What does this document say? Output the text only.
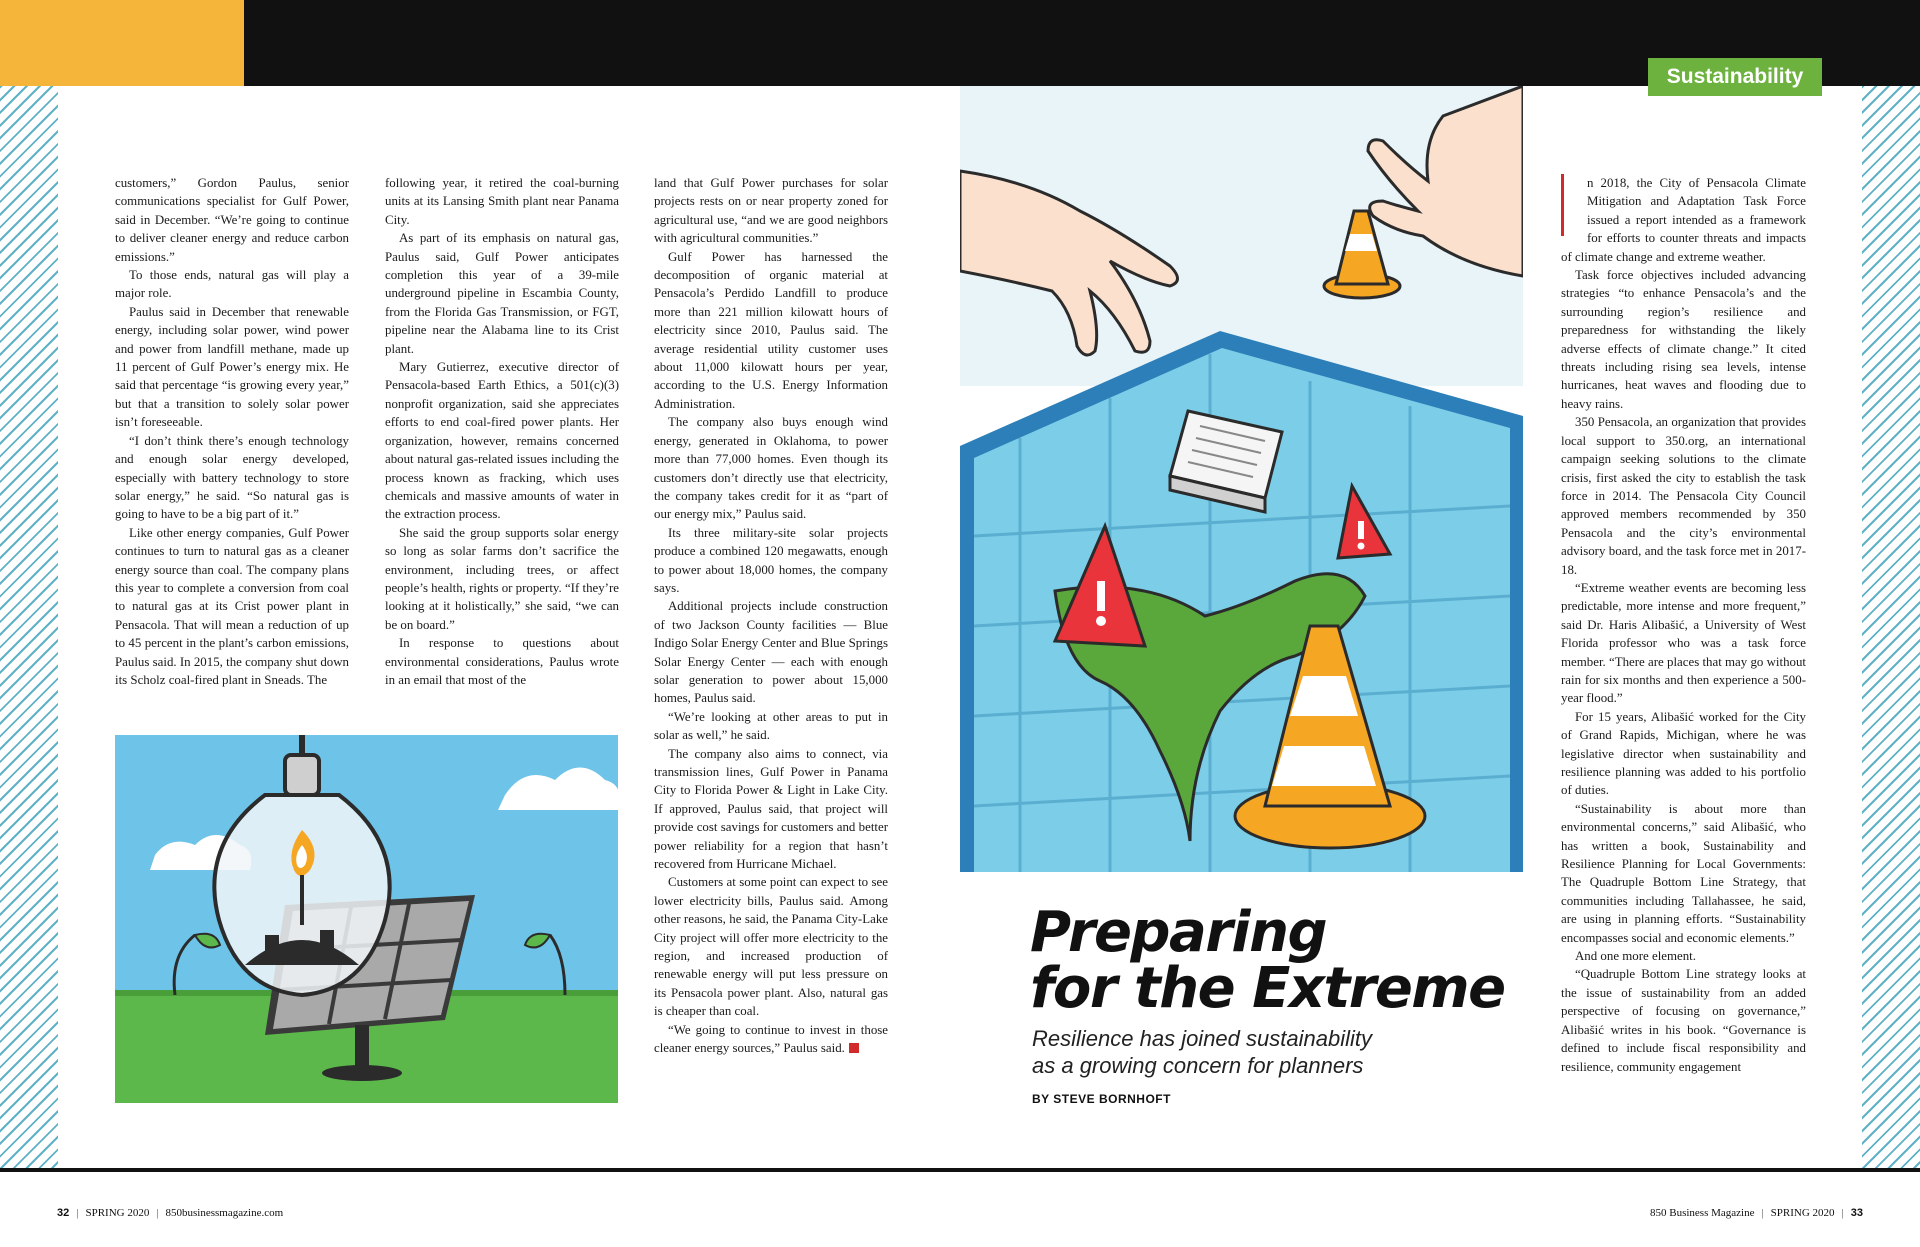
Sustainability

customers,” Gordon Paulus, senior communications specialist for Gulf Power, said in December. “We’re going to continue to deliver cleaner energy and reduce carbon emissions.”

To those ends, natural gas will play a major role.

Paulus said in December that renewable energy, including solar power, wind power and power from landfill methane, made up 11 percent of Gulf Power’s energy mix. He said that percentage “is growing every year,” but that a transition to solely solar power isn’t foreseeable.

“I don’t think there’s enough technology and enough solar energy developed, especially with battery technology to store solar energy,” he said. “So natural gas is going to have to be a big part of it.”

Like other energy companies, Gulf Power continues to turn to natural gas as a cleaner energy source than coal. The company plans this year to complete a conversion from coal to natural gas at its Crist power plant in Pensacola. That will mean a reduction of up to 45 percent in the plant’s carbon emissions, Paulus said. In 2015, the company shut down its Scholz coal-fired plant in Sneads. The

following year, it retired the coal-burning units at its Lansing Smith plant near Panama City.

As part of its emphasis on natural gas, Paulus said, Gulf Power anticipates completion this year of a 39-mile underground pipeline in Escambia County, from the Florida Gas Transmission, or FGT, pipeline near the Alabama line to its Crist plant.

Mary Gutierrez, executive director of Pensacola-based Earth Ethics, a 501(c)(3) nonprofit organization, said she appreciates efforts to end coal-fired power plants. Her organization, however, remains concerned about natural gas-related issues including the process known as fracking, which uses chemicals and massive amounts of water in the extraction process.

She said the group supports solar energy so long as solar farms don’t sacrifice the environment, including trees, or affect people’s health, rights or property. “If they’re looking at it holistically,” she said, “we can be on board.”

In response to questions about environmental considerations, Paulus wrote in an email that most of the

land that Gulf Power purchases for solar projects rests on or near property zoned for agricultural use, “and we are good neighbors with agricultural communities.”

Gulf Power has harnessed the decomposition of organic material at Pensacola’s Perdido Landfill to produce more than 221 million kilowatt hours of electricity since 2010, Paulus said. The average residential utility customer uses about 11,000 kilowatt hours per year, according to the U.S. Energy Information Administration.

The company also buys enough wind energy, generated in Oklahoma, to power more than 77,000 homes. Even though its customers don’t directly use that electricity, the company takes credit for it as “part of our energy mix,” Paulus said.

Its three military-site solar projects produce a combined 120 megawatts, enough to power about 18,000 homes, the company says.

Additional projects include construction of two Jackson County facilities — Blue Indigo Solar Energy Center and Blue Springs Solar Energy Center — each with enough solar generation to power about 15,000 homes, Paulus said.

“We’re looking at other areas to put in solar as well,” he said.

The company also aims to connect, via transmission lines, Gulf Power in Panama City to Florida Power & Light in Lake City. If approved, Paulus said, that project will provide cost savings for customers and better power reliability for a region that hasn’t recovered from Hurricane Michael.

Customers at some point can expect to see lower electricity bills, Paulus said. Among other reasons, he said, the Panama City-Lake City project will offer more electricity to the region, and increased production of renewable energy will put less pressure on its Pensacola power plant. Also, natural gas is cheaper than coal.

“We going to continue to invest in those cleaner energy sources,” Paulus said.

n 2018, the City of Pensacola Climate Mitigation and Adaptation Task Force issued a report intended as a framework for efforts to counter threats and impacts of climate change and extreme weather.

Task force objectives included advancing strategies “to enhance Pensacola’s and the surrounding region’s resilience and preparedness for withstanding the likely adverse effects of climate change.” It cited threats including rising sea levels, intense hurricanes, heat waves and flooding due to heavy rains.

350 Pensacola, an organization that provides local support to 350.org, an international campaign seeking solutions to the climate crisis, first asked the city to establish the task force in 2014. The Pensacola City Council approved members recommended by 350 Pensacola and the city’s environmental advisory board, and the task force met in 2017-18.

“Extreme weather events are becoming less predictable, more intense and more frequent,” said Dr. Haris Alibašić, a University of West Florida professor who was a task force member. “There are places that may go without rain for six months and then experience a 500-year flood.”

For 15 years, Alibašić worked for the City of Grand Rapids, Michigan, where he was legislative director when sustainability and resilience planning was added to his portfolio of duties.

“Sustainability is about more than environmental concerns,” said Alibašić, who has written a book, Sustainability and Resilience Planning for Local Governments: The Quadruple Bottom Line Strategy, that communities including Tallahassee, he said, are using in planning efforts. “Sustainability encompasses social and economic elements.”

And one more element.

“Quadruple Bottom Line strategy looks at the issue of sustainability from an added perspective of focusing on governance,” Alibašić writes in his book. “Governance is defined to include fiscal responsibility and resilience, community engagement

Preparing
for the Extreme
Resilience has joined sustainability
as a growing concern for planners
BY STEVE BORNHOFT
32 | SPRING 2020 | 850businessmagazine.com	850 Business Magazine | SPRING 2020 | 33
